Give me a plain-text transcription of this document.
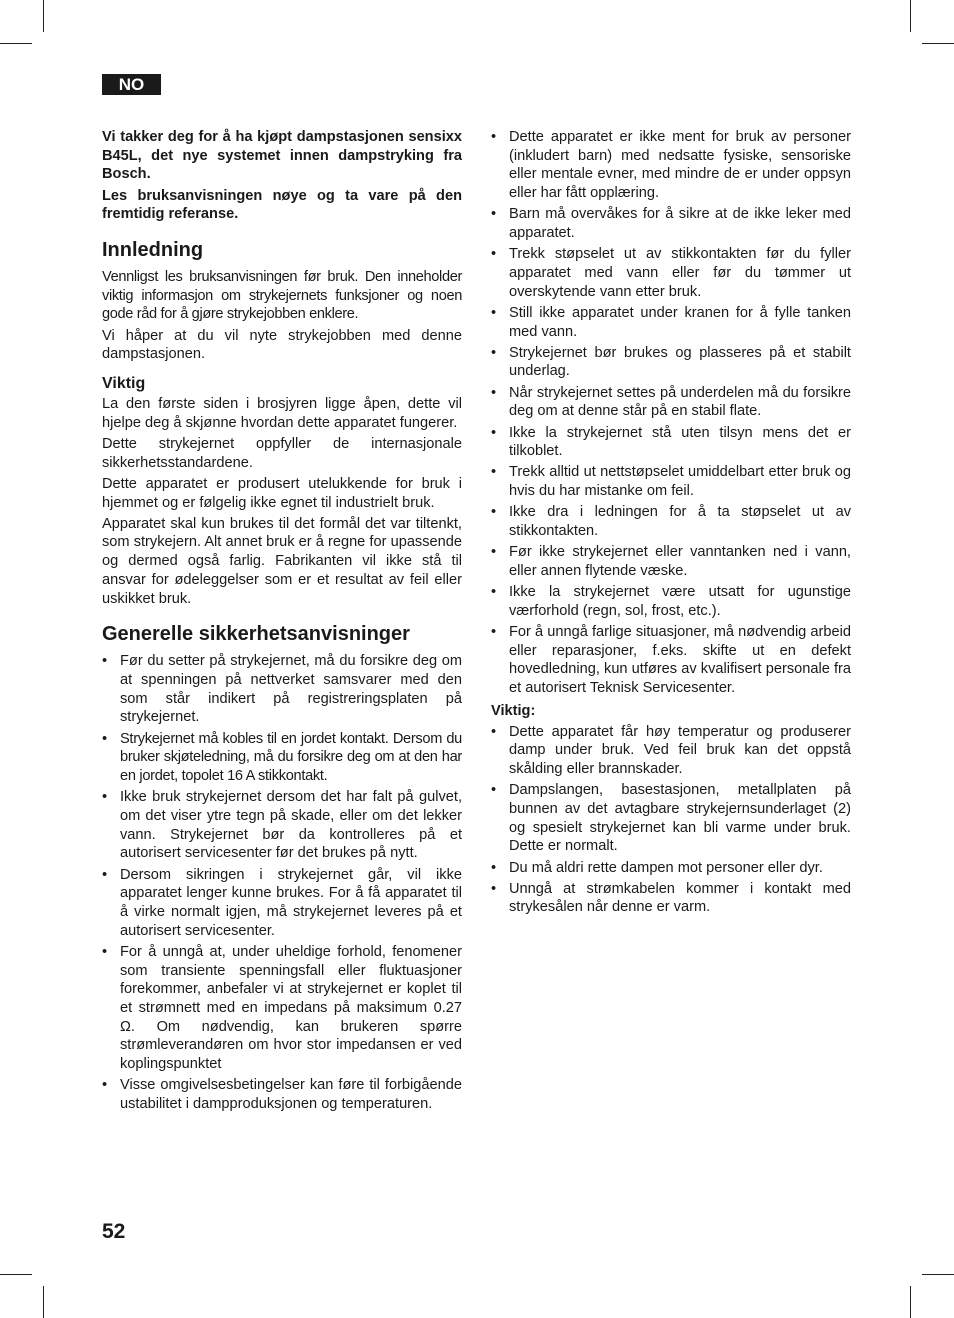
NO

Vi takker deg for å ha kjøpt dampstasjonen sensixx B45L, det nye systemet innen dampstryking fra Bosch.

Les bruksanvisningen nøye og ta vare på den fremtidig referanse.

Innledning

Vennligst les bruksanvisningen før bruk. Den inneholder viktig informasjon om strykejernets funksjoner og noen gode råd for å gjøre strykejobben enklere.

Vi håper at du vil nyte strykejobben med denne dampstasjonen.

Viktig

La den første siden i brosjyren ligge åpen, dette vil hjelpe deg å skjønne hvordan dette apparatet fungerer.

Dette strykejernet oppfyller de internasjonale sikkerhetsstandardene.

Dette apparatet er produsert utelukkende for bruk i hjemmet og er følgelig ikke egnet til industrielt bruk.

Apparatet skal kun brukes til det formål det var tiltenkt, som strykejern. Alt annet bruk er å regne for upassende og dermed også farlig. Fabrikanten vil ikke stå til ansvar for ødeleggelser som er et resultat av feil eller uskikket bruk.

Generelle sikkerhetsanvisninger
• Før du setter på strykejernet, må du forsikre deg om at spenningen på nettverket samsvarer med den som står indikert på registreringsplaten på strykejernet.
• Strykejernet må kobles til en jordet kontakt. Dersom du bruker skjøteledning, må du forsikre deg om at den har en jordet, topolet 16 A stikkontakt.
• Ikke bruk strykejernet dersom det har falt på gulvet, om det viser ytre tegn på skade, eller om det lekker vann. Strykejernet bør da kontrolleres på et autorisert servicesenter før det brukes på nytt.
• Dersom sikringen i strykejernet går, vil ikke apparatet lenger kunne brukes. For å få apparatet til å virke normalt igjen, må strykejernet leveres på et autorisert servicesenter.
• For å unngå at, under uheldige forhold, fenomener som transiente spenningsfall eller fluktuasjoner forekommer, anbefaler vi at strykejernet er koplet til et strømnett med en impedans på maksimum 0.27 Ω. Om nødvendig, kan brukeren spørre strømleverandøren om hvor stor impedansen er ved koplingspunktet
• Visse omgivelsesbetingelser kan føre til forbigående ustabilitet i dampproduksjonen og temperaturen.
• Dette apparatet er ikke ment for bruk av personer (inkludert barn) med nedsatte fysiske, sensoriske eller mentale evner, med mindre de er under oppsyn eller har fått opplæring.
• Barn må overvåkes for å sikre at de ikke leker med apparatet.
• Trekk støpselet ut av stikkontakten før du fyller apparatet med vann eller før du tømmer ut overskytende vann etter bruk.
• Still ikke apparatet under kranen for å fylle tanken med vann.
• Strykejernet bør brukes og plasseres på et stabilt underlag.
• Når strykejernet settes på underdelen må du forsikre deg om at denne står på en stabil flate.
• Ikke la strykejernet stå uten tilsyn mens det er tilkoblet.
• Trekk alltid ut nettstøpselet umiddelbart etter bruk og hvis du har mistanke om feil.
• Ikke dra i ledningen for å ta støpselet ut av stikkontakten.
• Før ikke strykejernet eller vanntanken ned i vann, eller annen flytende væske.
• Ikke la strykejernet være utsatt for ugunstige værforhold (regn, sol, frost, etc.).
• For å unngå farlige situasjoner, må nødvendig arbeid eller reparasjoner, f.eks. skifte ut en defekt hovedledning, kun utføres av kvalifisert personale fra et autorisert Teknisk Servicesenter.

Viktig:

• Dette apparatet får høy temperatur og produserer damp under bruk. Ved feil bruk kan det oppstå skålding eller brannskader.
• Dampslangen, basestasjonen, metallplaten på bunnen av det avtagbare strykejernsunderlaget (2) og spesielt strykejernet kan bli varme under bruk. Dette er normalt.
• Du må aldri rette dampen mot personer eller dyr.
• Unngå at strømkabelen kommer i kontakt med strykesålen når denne er varm.
52
